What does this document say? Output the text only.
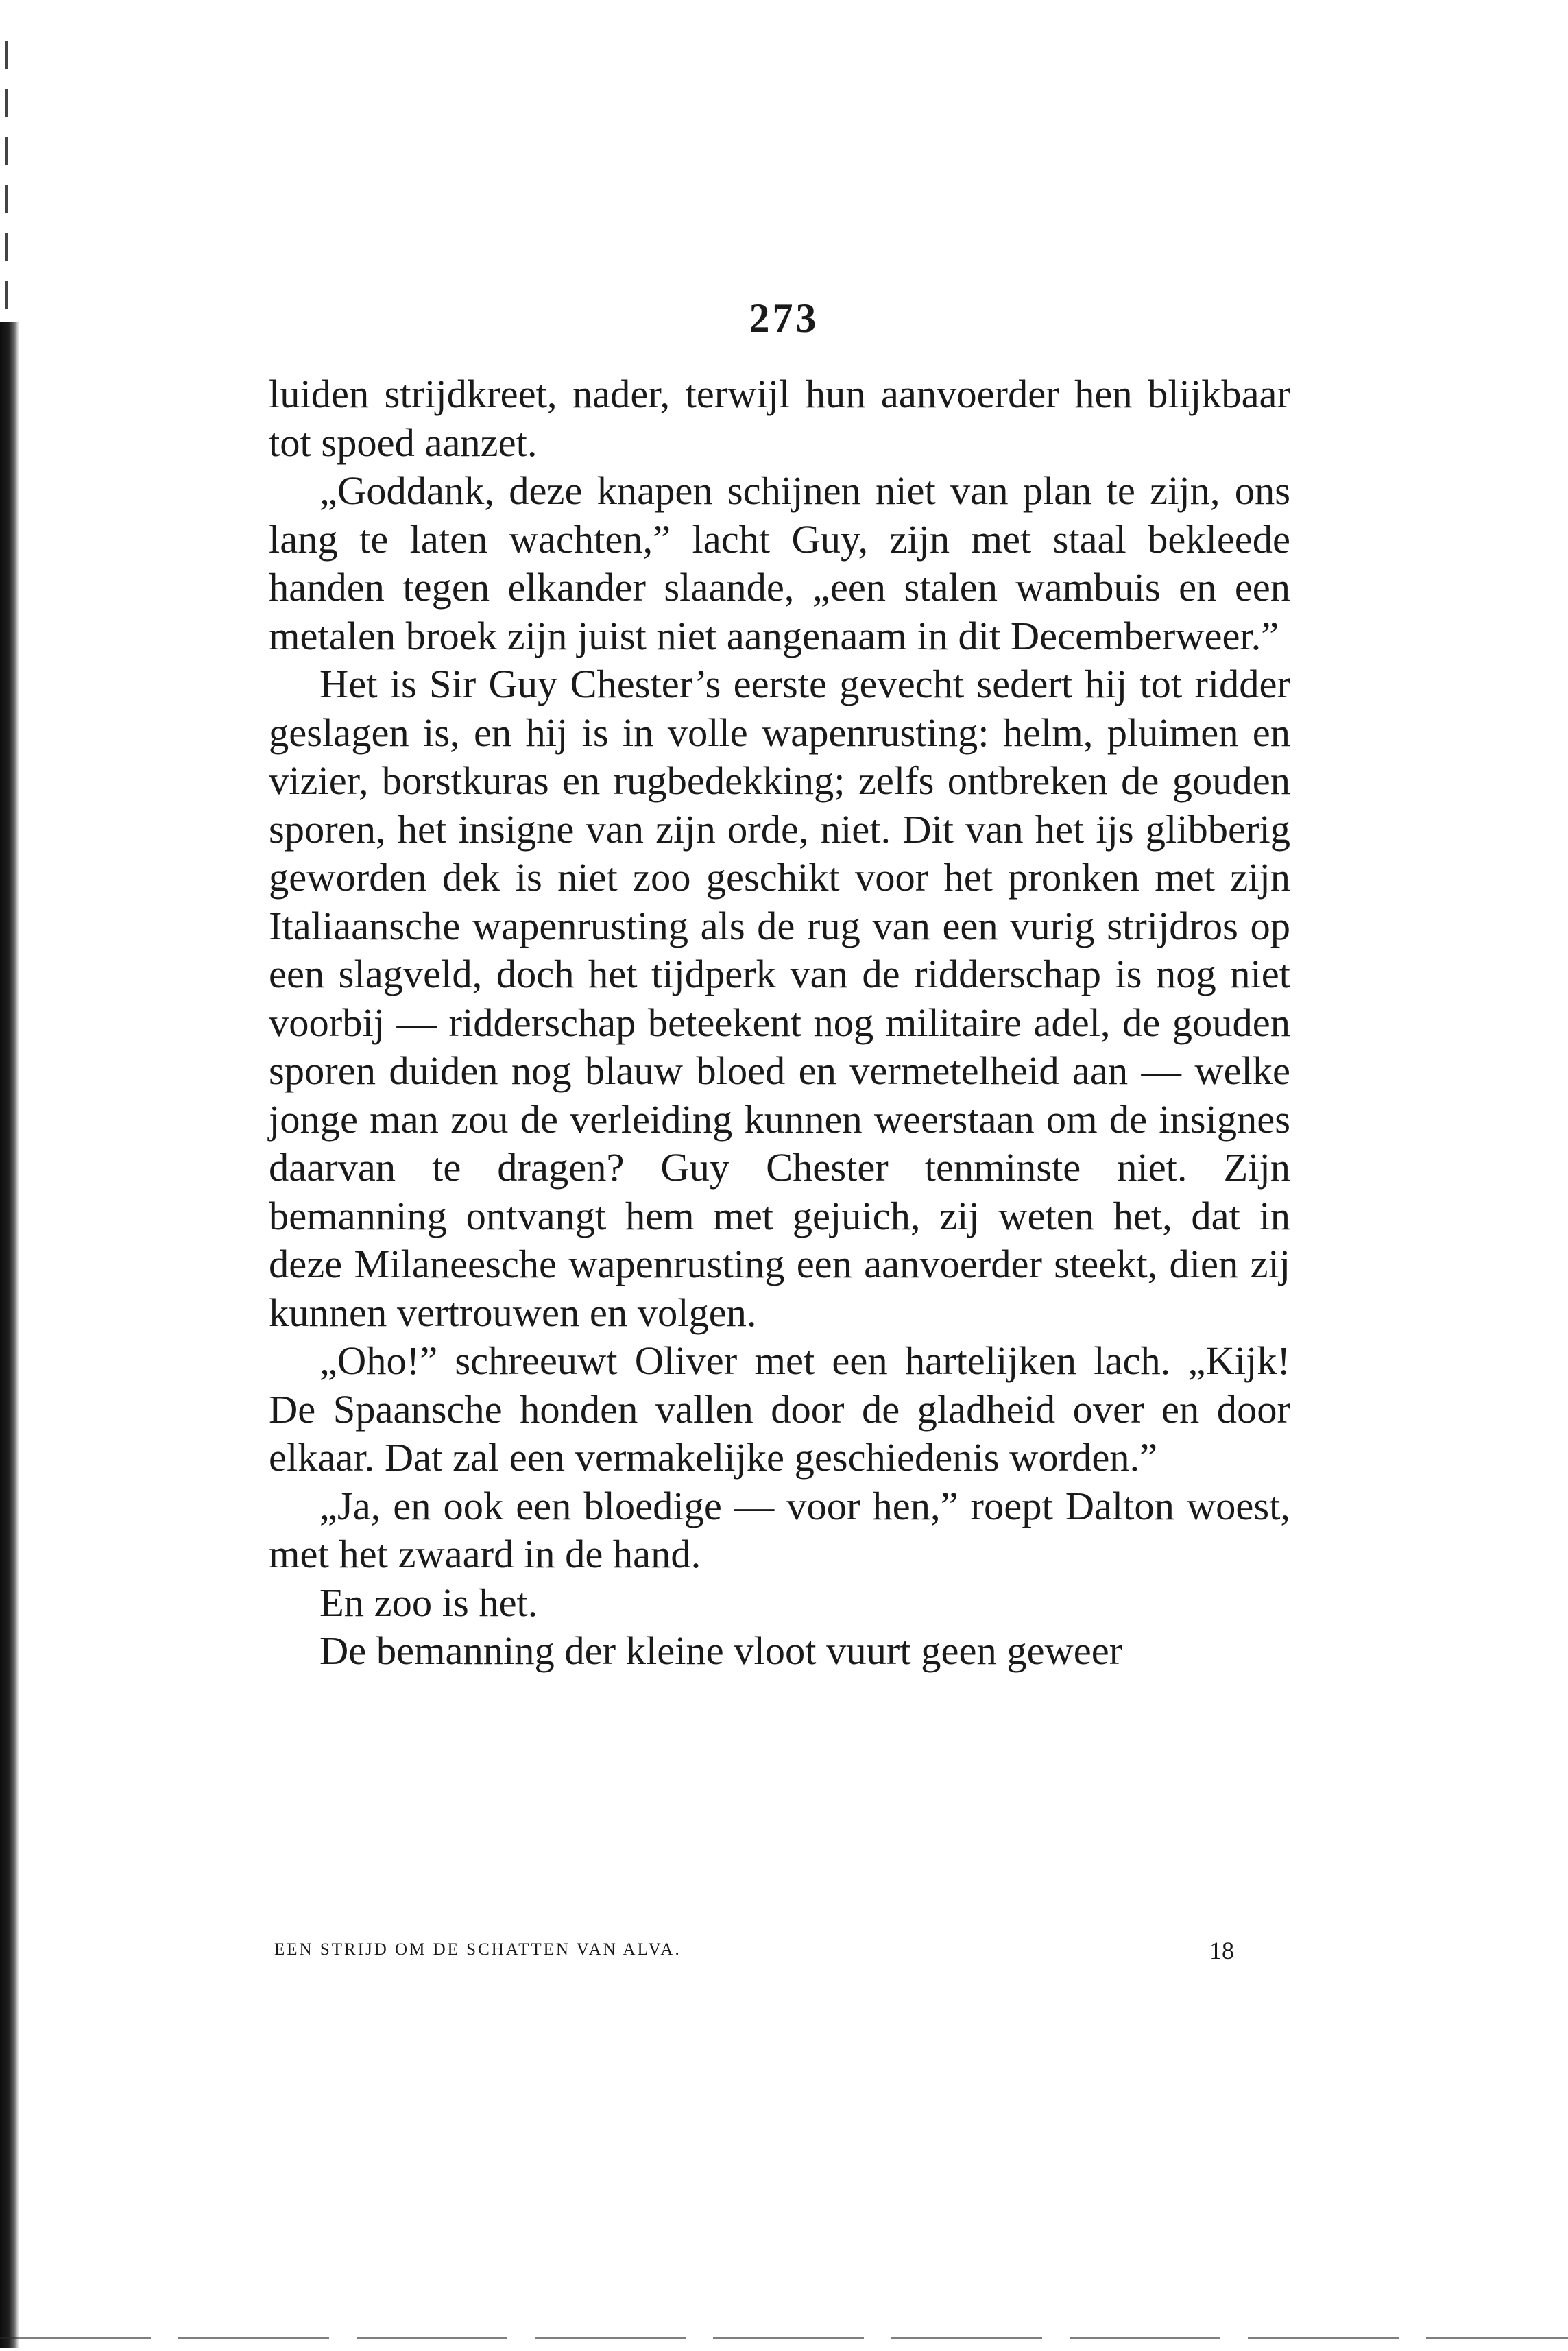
273

luiden strijdkreet, nader, terwijl hun aanvoerder hen blijkbaar tot spoed aanzet.

„Goddank, deze knapen schijnen niet van plan te zijn, ons lang te laten wachten,” lacht Guy, zijn met staal bekleede handen tegen elkander slaande, „een stalen wambuis en een metalen broek zijn juist niet aangenaam in dit Decemberweer.”

Het is Sir Guy Chester’s eerste gevecht sedert hij tot ridder geslagen is, en hij is in volle wapenrusting: helm, pluimen en vizier, borstkuras en rugbedekking; zelfs ontbreken de gouden sporen, het insigne van zijn orde, niet. Dit van het ijs glibberig geworden dek is niet zoo geschikt voor het pronken met zijn Italiaansche wapenrusting als de rug van een vurig strijdros op een slagveld, doch het tijdperk van de ridderschap is nog niet voorbij — ridderschap beteekent nog militaire adel, de gouden sporen duiden nog blauw bloed en vermetelheid aan — welke jonge man zou de verleiding kunnen weerstaan om de insignes daarvan te dragen? Guy Chester tenminste niet. Zijn bemanning ontvangt hem met gejuich, zij weten het, dat in deze Milaneesche wapenrusting een aanvoerder steekt, dien zij kunnen vertrouwen en volgen.

„Oho!” schreeuwt Oliver met een hartelijken lach. „Kijk! De Spaansche honden vallen door de gladheid over en door elkaar. Dat zal een vermakelijke geschiedenis worden.”

„Ja, en ook een bloedige — voor hen,” roept Dalton woest, met het zwaard in de hand.

En zoo is het.

De bemanning der kleine vloot vuurt geen geweer

EEN STRIJD OM DE SCHATTEN VAN ALVA.	18
